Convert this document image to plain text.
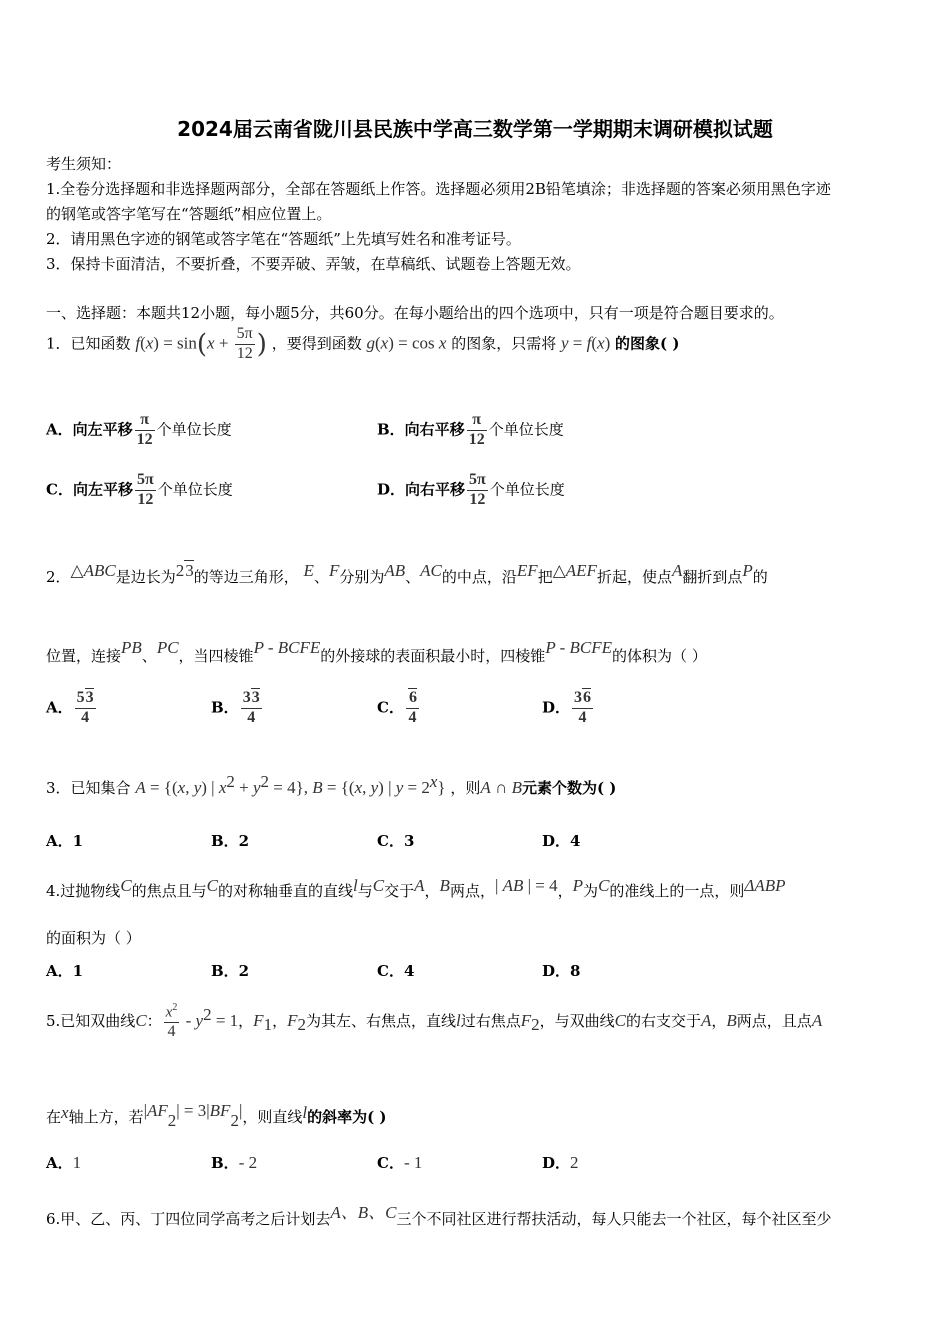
2024届云南省陇川县民族中学高三数学第一学期期末调研模拟试题
考生须知：
1.全卷分选择题和非选择题两部分，全部在答题纸上作答。选择题必须用2B铅笔填涂；非选择题的答案必须用黑色字迹
的钢笔或答字笔写在“答题纸”相应位置上。
2．请用黑色字迹的钢笔或答字笔在“答题纸”上先填写姓名和准考证号。
3．保持卡面清洁，不要折叠，不要弄破、弄皱，在草稿纸、试题卷上答题无效。
一、选择题：本题共12小题，每小题5分，共60分。在每小题给出的四个选项中，只有一项是符合题目要求的。
1．已知函数 $f(x) = \sin(x + \frac{5\pi}{12}$ ) ，要得到函数 g(x) = cos x 的图象，只需将 y = f(x) 的图象( )
A．向左平移 $\frac{\pi}{12}$ 个单位长度	B．向右平移 $\frac{\pi}{12}$ 个单位长度
C．向左平移 $\frac{5\pi}{12}$ 个单位长度	D．向右平移 $\frac{5\pi}{12}$ 个单位长度
2．△ABC是边长为23的等边三角形， E、F分别为AB、AC的中点，沿EF把△AEF折起，使点A翻折到点P的
位置，连接PB、PC，当四棱锥P - BCFE的外接球的表面积最小时，四棱锥P - BCFE的体积为（ ）
A． $\frac{53}{4}$	B． $\frac{33}{4}$	C． $\frac{6}{4}$	D． $\frac{36}{4}$
3．已知集合 A = {(x, y) | $x^2 + y^2 = 4$}, B = {(x, y) | $y = 2^x$} ，则A ∩ B元素个数为( )
A．1	B．2	C．3	D．4
4.过抛物线C的焦点且与C的对称轴垂直的直线l与C交于A，B两点，| AB | = 4，P为C的准线上的一点，则ΔABP
的面积为（ ）
A．1	B．2	C．4	D．8
5.已知双曲线C： $\frac{x^2}{4} - y^2 = 1$，$F_1$，$F_2$为其左、右焦点，直线l过右焦点$F_2$，与双曲线C的右支交于A，B两点，且点A
在x轴上方，若$|AF_2| = 3|BF_2|$，则直线l的斜率为( )
A．1	B．- 2	C．- 1	D．2
6.甲、乙、丙、丁四位同学高考之后计划去A、B、C三个不同社区进行帮扶活动，每人只能去一个社区，每个社区至少
